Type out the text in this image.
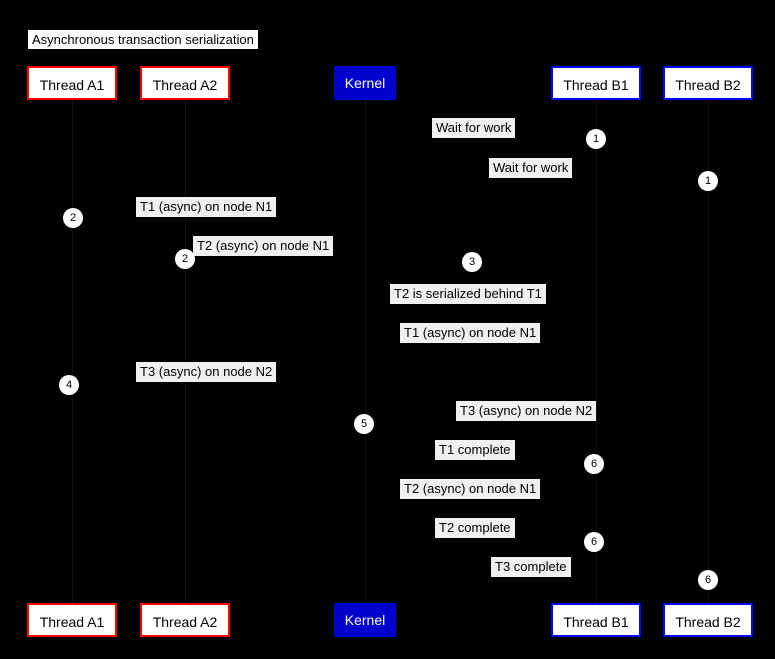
Asynchronous transaction serialization
Thread A1	Thread A2	Kernel	Thread B1	Thread B2
Thread A1	Thread A2	Kernel	Thread B1	Thread B2
Wait for work
Wait for work
T1 (async) on node N1
T2 (async) on node N1
T2 is serialized behind T1
T1 (async) on node N1
T3 (async) on node N2
T3 (async) on node N2
T1 complete
T2 (async) on node N1
T2 complete
T3 complete
1
1
2
2	3
4
5
6
6
6
